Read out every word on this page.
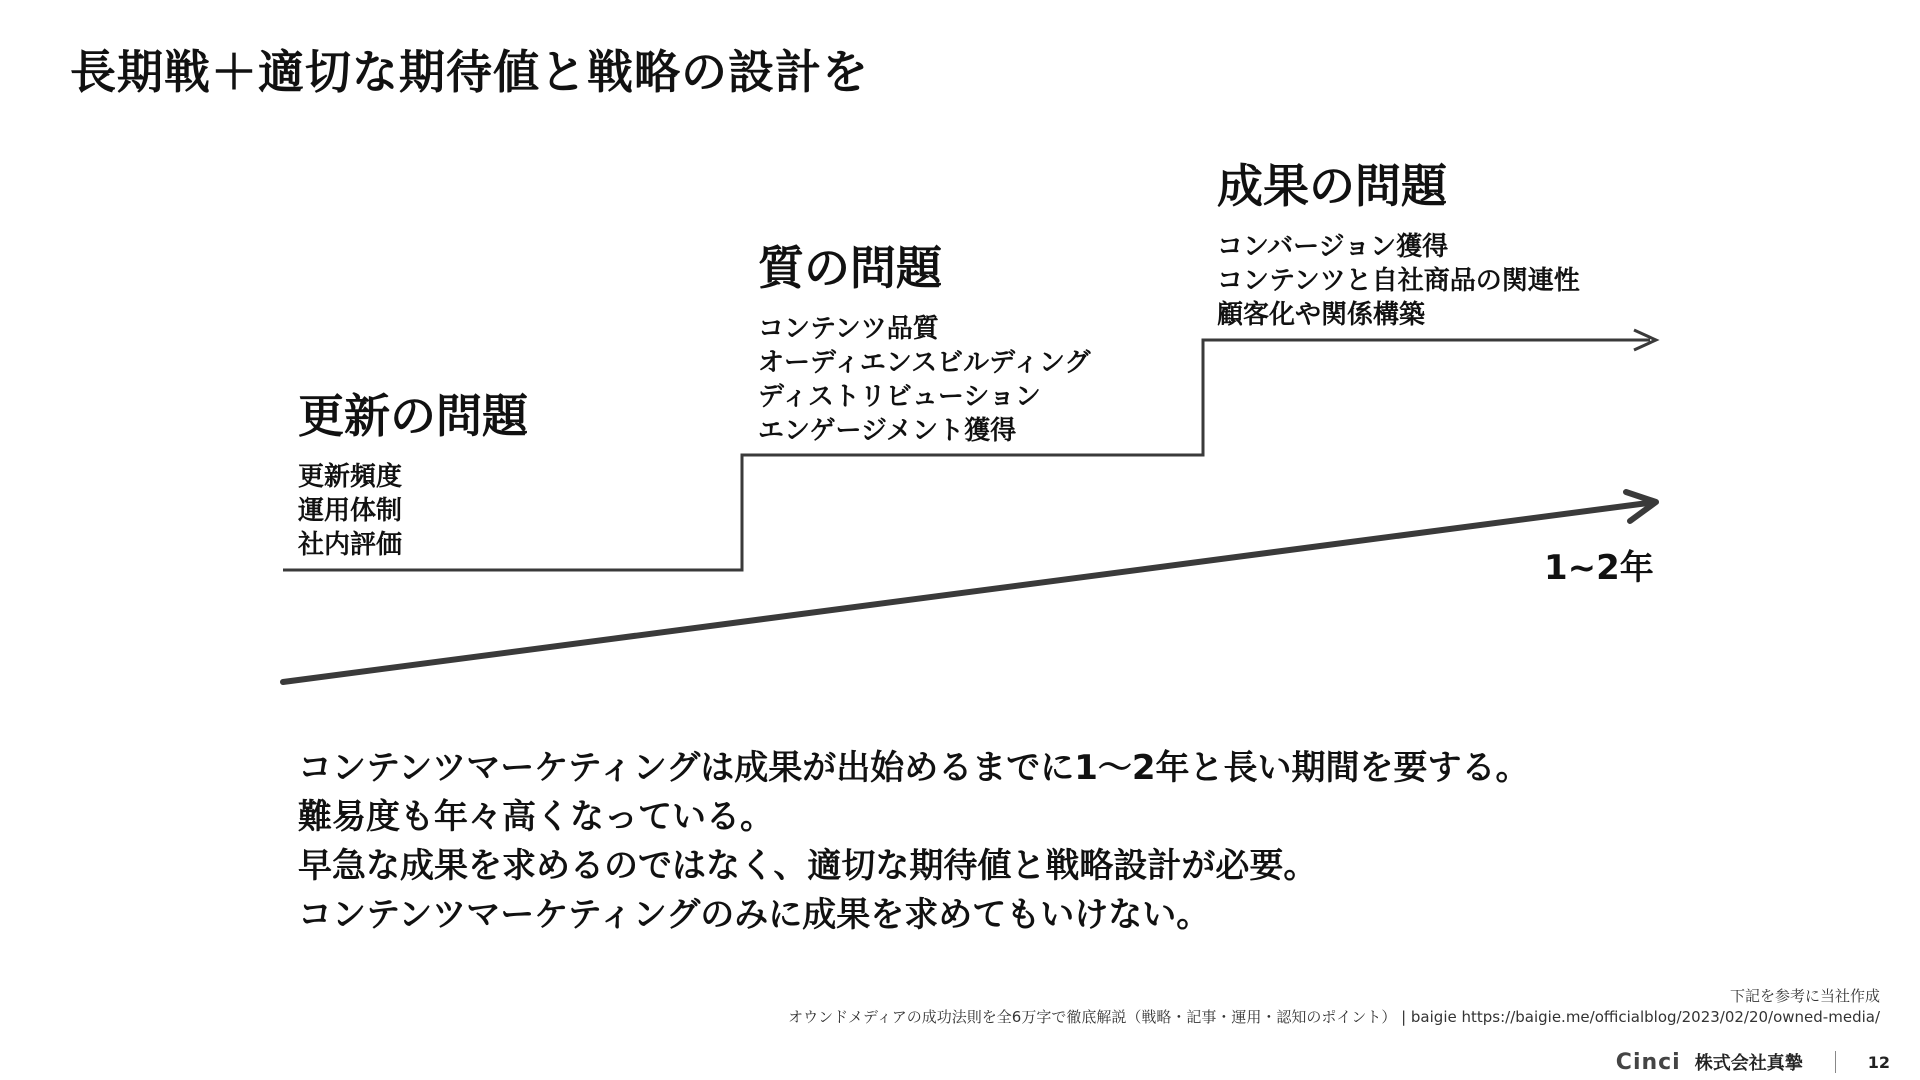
長期戦＋適切な期待値と戦略の設計を
更新の問題
更新頻度
運用体制
社内評価
質の問題
コンテンツ品質
オーディエンスビルディング
ディストリビューション
エンゲージメント獲得
成果の問題
コンバージョン獲得
コンテンツと自社商品の関連性
顧客化や関係構築
1~2年
コンテンツマーケティングは成果が出始めるまでに1〜2年と長い期間を要する。
難易度も年々高くなっている。
早急な成果を求めるのではなく、適切な期待値と戦略設計が必要。
コンテンツマーケティングのみに成果を求めてもいけない。
下記を参考に当社作成
オウンドメディアの成功法則を全6万字で徹底解説（戦略・記事・運用・認知のポイント） | baigie https://baigie.me/officialblog/2023/02/20/owned-media/
Cinci 株式会社真摯	12
